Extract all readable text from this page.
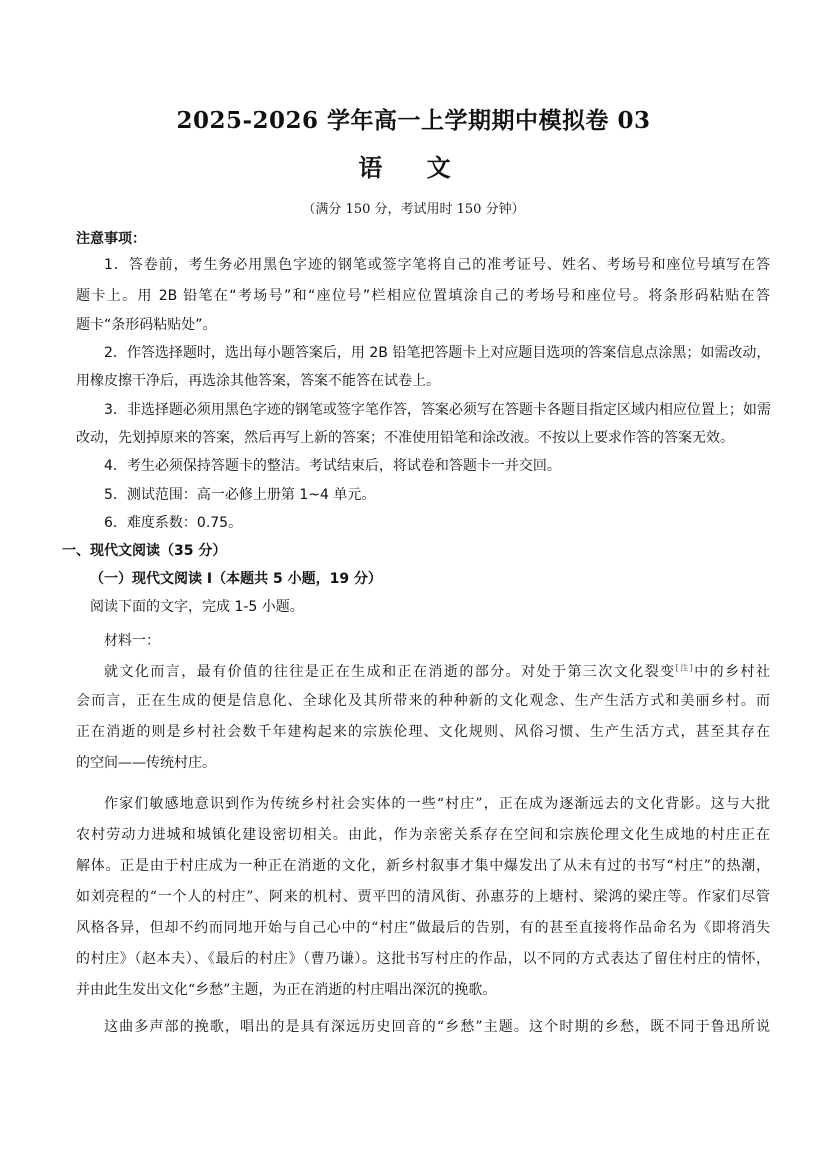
2025-2026 学年高一上学期期中模拟卷 03
语 文
（满分 150 分，考试用时 150 分钟）
注意事项：
1．答卷前，考生务必用黑色字迹的钢笔或签字笔将自己的准考证号、姓名、考场号和座位号填写在答
题卡上。用 2B 铅笔在“考场号”和“座位号”栏相应位置填涂自己的考场号和座位号。将条形码粘贴在答
题卡“条形码粘贴处”。
2．作答选择题时，选出每小题答案后，用 2B 铅笔把答题卡上对应题目选项的答案信息点涂黑；如需改动，
用橡皮擦干净后，再选涂其他答案，答案不能答在试卷上。
3．非选择题必须用黑色字迹的钢笔或签字笔作答，答案必须写在答题卡各题目指定区域内相应位置上；如需
改动，先划掉原来的答案，然后再写上新的答案；不准使用铅笔和涂改液。不按以上要求作答的答案无效。
4．考生必须保持答题卡的整洁。考试结束后，将试卷和答题卡一并交回。
5．测试范围：高一必修上册第 1~4 单元。
6．难度系数：0.75。
一、现代文阅读（35 分）
（一）现代文阅读 I（本题共 5 小题，19 分）
阅读下面的文字，完成 1-5 小题。
材料一：
就文化而言，最有价值的往往是正在生成和正在消逝的部分。对处于第三次文化裂变[注]中的乡村社
会而言，正在生成的便是信息化、全球化及其所带来的种种新的文化观念、生产生活方式和美丽乡村。而
正在消逝的则是乡村社会数千年建构起来的宗族伦理、文化规则、风俗习惯、生产生活方式，甚至其存在
的空间——传统村庄。
作家们敏感地意识到作为传统乡村社会实体的一些“村庄”，正在成为逐渐远去的文化背影。这与大批
农村劳动力进城和城镇化建设密切相关。由此，作为亲密关系存在空间和宗族伦理文化生成地的村庄正在
解体。正是由于村庄成为一种正在消逝的文化，新乡村叙事才集中爆发出了从未有过的书写“村庄”的热潮，
如刘亮程的“一个人的村庄”、阿来的机村、贾平凹的清风街、孙惠芬的上塘村、梁鸿的梁庄等。作家们尽管
风格各异，但却不约而同地开始与自己心中的“村庄”做最后的告别，有的甚至直接将作品命名为《即将消失
的村庄》（赵本夫）、《最后的村庄》（曹乃谦）。这批书写村庄的作品，以不同的方式表达了留住村庄的情怀，
并由此生发出文化“乡愁”主题，为正在消逝的村庄唱出深沉的挽歌。
这曲多声部的挽歌，唱出的是具有深远历史回音的“乡愁”主题。这个时期的乡愁，既不同于鲁迅所说
